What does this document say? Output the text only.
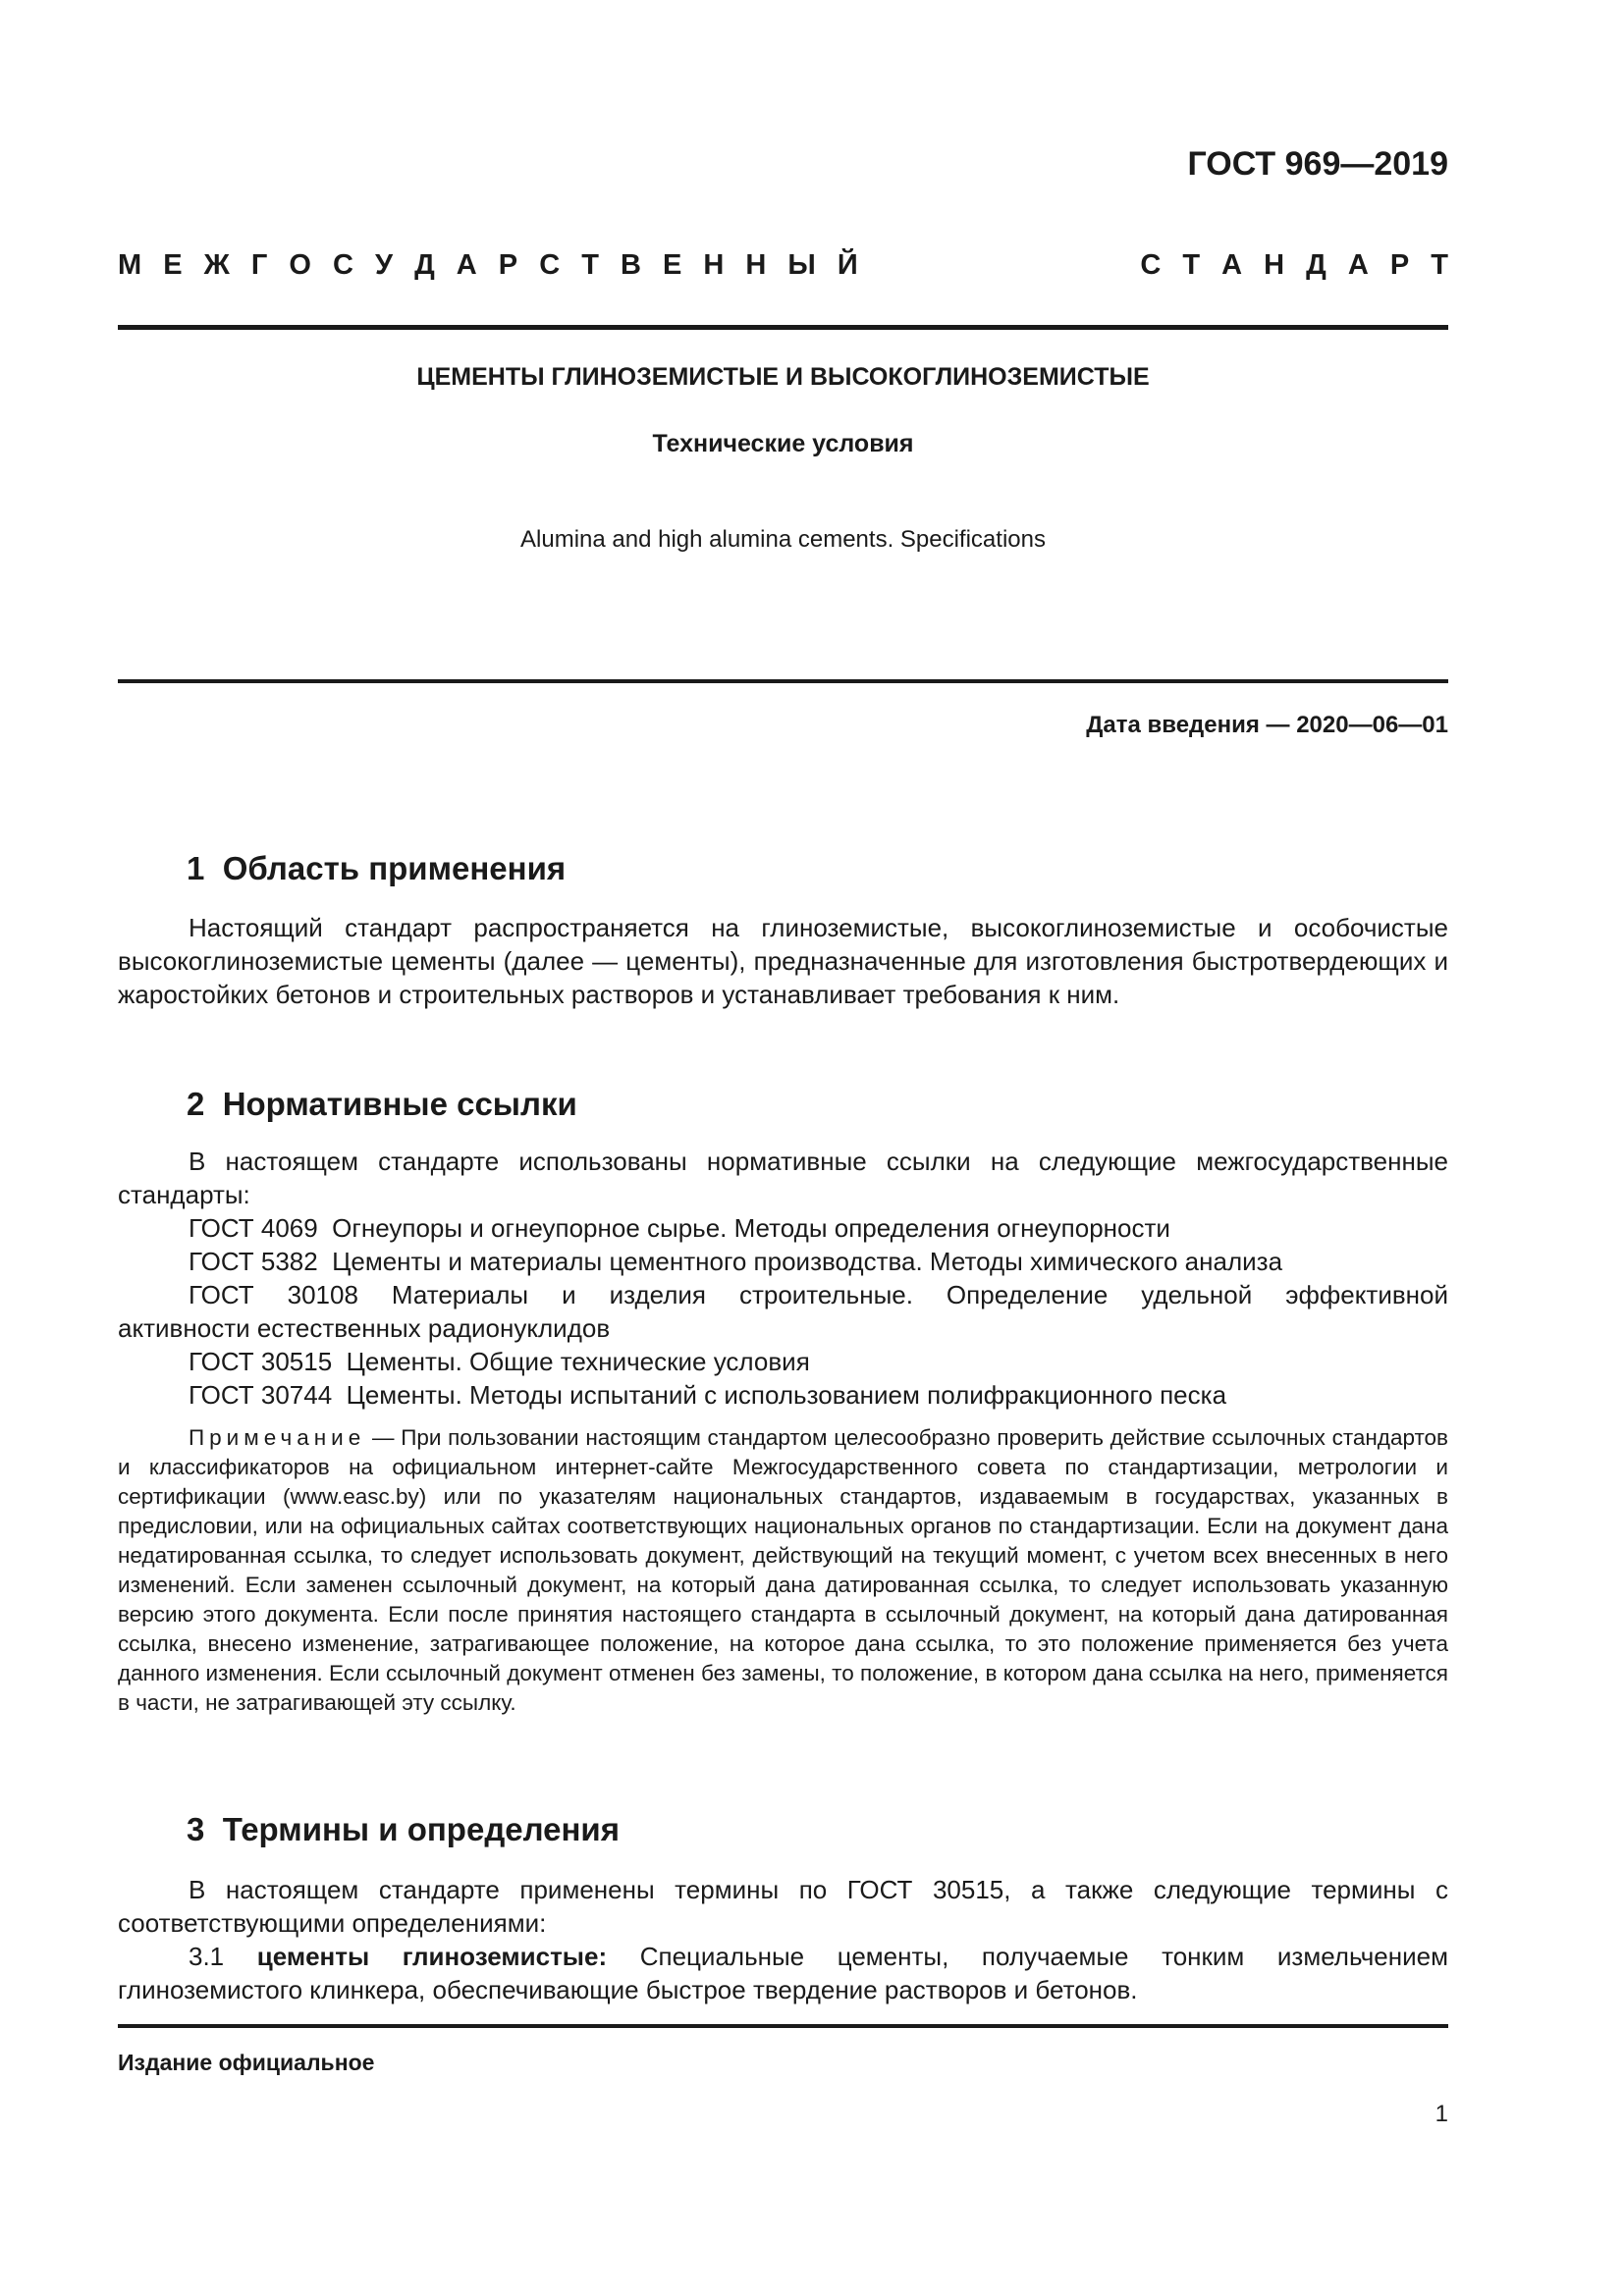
ГОСТ 969—2019
М Е Ж Г О С У Д А Р С Т В Е Н Н Ы Й	С Т А Н Д А Р Т
ЦЕМЕНТЫ ГЛИНОЗЕМИСТЫЕ И ВЫСОКОГЛИНОЗЕМИСТЫЕ
Технические условия
Alumina and high alumina cements. Specifications
Дата введения — 2020—06—01
1  Область применения

Настоящий стандарт распространяется на глиноземистые, высокоглиноземистые и особочистые высокоглиноземистые цементы (далее — цементы), предназначенные для изготовления быстротвердеющих и жаростойких бетонов и строительных растворов и устанавливает требования к ним.

2  Нормативные ссылки

В настоящем стандарте использованы нормативные ссылки на следующие межгосударственные стандарты:

ГОСТ 4069  Огнеупоры и огнеупорное сырье. Методы определения огнеупорности
ГОСТ 5382  Цементы и материалы цементного производства. Методы химического анализа
ГОСТ 30108 Материалы и изделия строительные. Определение удельной эффективной
активности естественных радионуклидов
ГОСТ 30515  Цементы. Общие технические условия
ГОСТ 30744  Цементы. Методы испытаний с использованием полифракционного песка

Примечание — При пользовании настоящим стандартом целесообразно проверить действие ссылочных стандартов и классификаторов на официальном интернет-сайте Межгосударственного совета по стандартизации, метрологии и сертификации (www.easc.by) или по указателям национальных стандартов, издаваемым в государствах, указанных в предисловии, или на официальных сайтах соответствующих национальных органов по стандартизации. Если на документ дана недатированная ссылка, то следует использовать документ, действующий на текущий момент, с учетом всех внесенных в него изменений. Если заменен ссылочный документ, на который дана датированная ссылка, то следует использовать указанную версию этого документа. Если после принятия настоящего стандарта в ссылочный документ, на который дана датированная ссылка, внесено изменение, затрагивающее положение, на которое дана ссылка, то это положение применяется без учета данного изменения. Если ссылочный документ отменен без замены, то положение, в котором дана ссылка на него, применяется в части, не затрагивающей эту ссылку.

3  Термины и определения

В настоящем стандарте применены термины по ГОСТ 30515, а также следующие термины с соответствующими определениями:

3.1 цементы глиноземистые: Специальные цементы, получаемые тонким измельчением глиноземистого клинкера, обеспечивающие быстрое твердение растворов и бетонов.

Издание официальное
1
